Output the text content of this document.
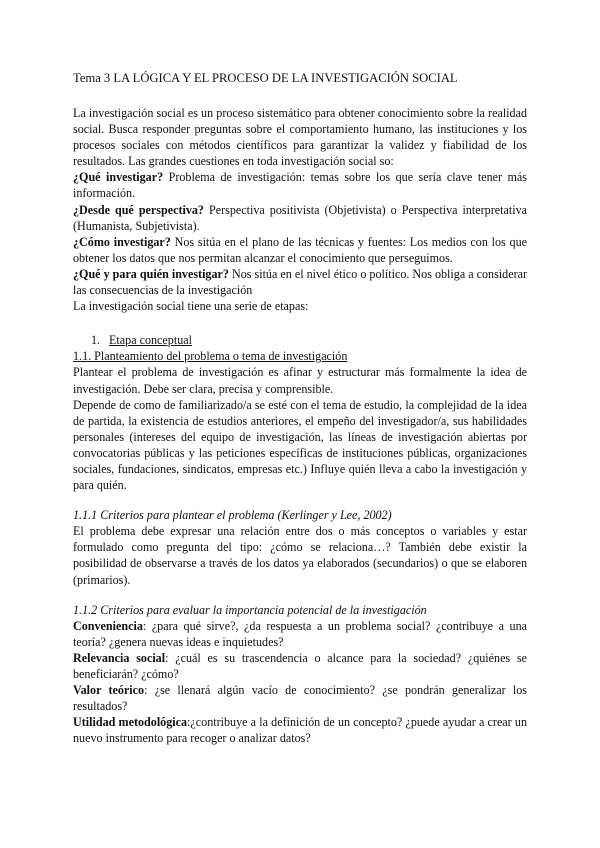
Tema 3 LA LÓGICA Y EL PROCESO DE LA INVESTIGACIÓN SOCIAL

La investigación social es un proceso sistemático para obtener conocimiento sobre la realidad social. Busca responder preguntas sobre el comportamiento humano, las instituciones y los procesos sociales con métodos científicos para garantizar la validez y fiabilidad de los resultados. Las grandes cuestiones en toda investigación social so:

¿Qué investigar? Problema de investigación: temas sobre los que sería clave tener más información.

¿Desde qué perspectiva? Perspectiva positivista (Objetivista) o Perspectiva interpretativa (Humanista, Subjetivista).

¿Cómo investigar? Nos sitúa en el plano de las técnicas y fuentes: Los medios con los que obtener los datos que nos permitan alcanzar el conocimiento que perseguimos.

¿Qué y para quién investigar? Nos sitúa en el nivel ético o político. Nos obliga a considerar las consecuencias de la investigación

La investigación social tiene una serie de etapas:

1. Etapa conceptual

1.1. Planteamiento del problema o tema de investigación

Plantear el problema de investigación es afinar y estructurar más formalmente la idea de investigación. Debe ser clara, precisa y comprensible.

Depende de como de familiarizado/a se esté con el tema de estudio, la complejidad de la idea de partida, la existencia de estudios anteriores, el empeño del investigador/a, sus habilidades personales (intereses del equipo de investigación, las líneas de investigación abiertas por convocatorias públicas y las peticiones específicas de instituciones públicas, organizaciones sociales, fundaciones, sindicatos, empresas etc.) Influye quién lleva a cabo la investigación y para quién.

1.1.1 Criterios para plantear el problema (Kerlinger y Lee, 2002)

El problema debe expresar una relación entre dos o más conceptos o variables y estar formulado como pregunta del tipo: ¿cómo se relaciona…? También debe existir la posibilidad de observarse a través de los datos ya elaborados (secundarios) o que se elaboren (primarios).

1.1.2 Criterios para evaluar la importancia potencial de la investigación

Conveniencia: ¿para qué sirve?, ¿da respuesta a un problema social? ¿contribuye a una teoría? ¿genera nuevas ideas e inquietudes?

Relevancia social: ¿cuál es su trascendencia o alcance para la sociedad? ¿quiénes se beneficiarán? ¿cómo?

Valor teórico: ¿se llenará algún vacío de conocimiento? ¿se pondrán generalizar los resultados?

Utilidad metodológica:¿contribuye a la definición de un concepto? ¿puede ayudar a crear un nuevo instrumento para recoger o analizar datos?
